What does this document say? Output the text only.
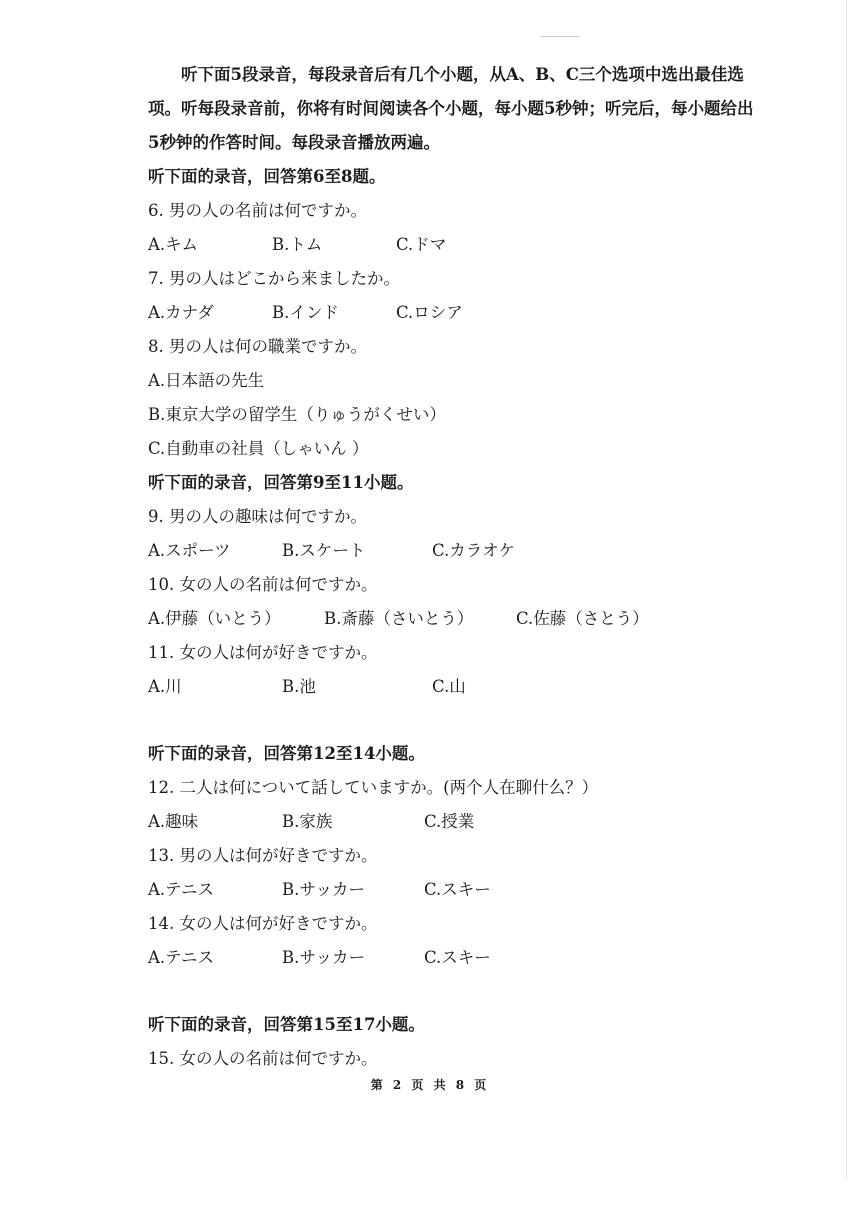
听下面5段录音，每段录音后有几个小题，从A、B、C三个选项中选出最佳选项。听每段录音前，你将有时间阅读各个小题，每小题5秒钟；听完后，每小题给出5秒钟的作答时间。每段录音播放两遍。

听下面的录音，回答第6至8题。
6. 男の人の名前は何ですか。
A.キム	B.トム	C.ドマ
7. 男の人はどこから来ましたか。
A.カナダ	B.インド	C.ロシア
8. 男の人は何の職業ですか。
A.日本語の先生
B.東京大学の留学生（りゅうがくせい）
C.自動車の社員（しゃいん ）
听下面的录音，回答第9至11小题。
9. 男の人の趣味は何ですか。
A.スポーツ	B.スケート	C.カラオケ
10. 女の人の名前は何ですか。
A.伊藤（いとう）	B.斎藤（さいとう）	C.佐藤（さとう）
11. 女の人は何が好きですか。
A.川	B.池	C.山
听下面的录音，回答第12至14小题。
12. 二人は何について話していますか。(两个人在聊什么？）
A.趣味	B.家族	C.授業
13. 男の人は何が好きですか。
A.テニス	B.サッカー	C.スキー
14. 女の人は何が好きですか。
A.テニス	B.サッカー	C.スキー
听下面的录音，回答第15至17小题。
15. 女の人の名前は何ですか。
第 2 页 共 8 页
